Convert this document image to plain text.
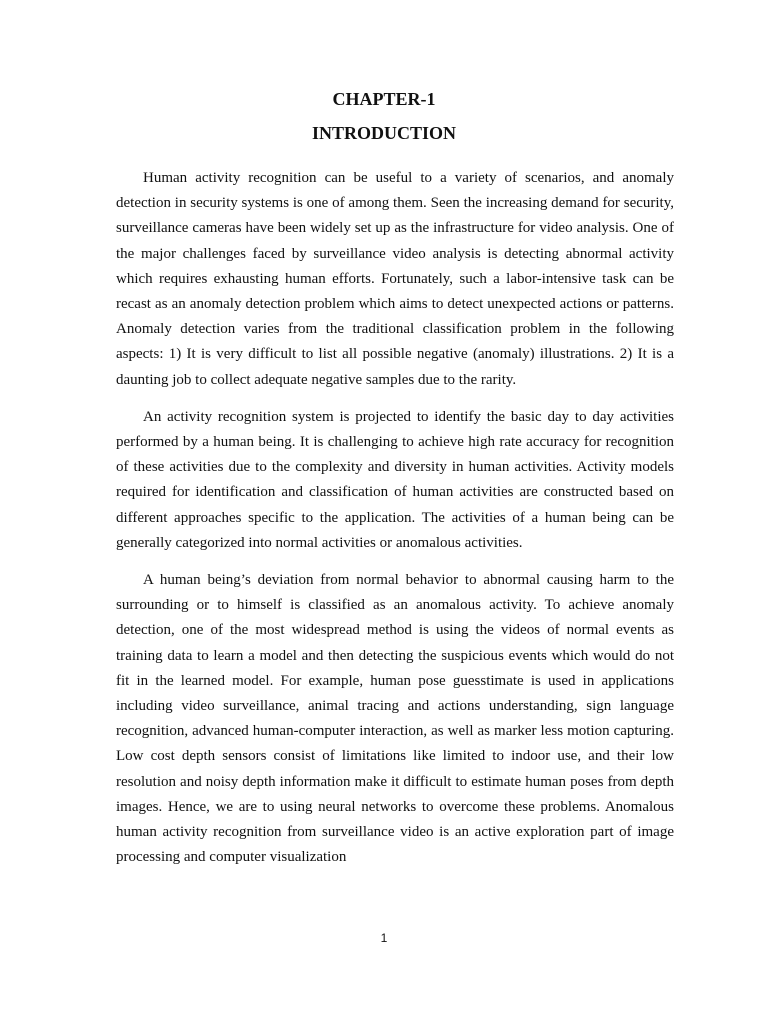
CHAPTER-1
INTRODUCTION

Human activity recognition can be useful to a variety of scenarios, and anomaly detection in security systems is one of among them. Seen the increasing demand for security, surveillance cameras have been widely set up as the infrastructure for video analysis. One of the major challenges faced by surveillance video analysis is detecting abnormal activity which requires exhausting human efforts. Fortunately, such a labor-intensive task can be recast as an anomaly detection problem which aims to detect unexpected actions or patterns. Anomaly detection varies from the traditional classification problem in the following aspects: 1) It is very difficult to list all possible negative (anomaly) illustrations. 2) It is a daunting job to collect adequate negative samples due to the rarity.

An activity recognition system is projected to identify the basic day to day activities performed by a human being. It is challenging to achieve high rate accuracy for recognition of these activities due to the complexity and diversity in human activities. Activity models required for identification and classification of human activities are constructed based on different approaches specific to the application. The activities of a human being can be generally categorized into normal activities or anomalous activities.

A human being’s deviation from normal behavior to abnormal causing harm to the surrounding or to himself is classified as an anomalous activity. To achieve anomaly detection, one of the most widespread method is using the videos of normal events as training data to learn a model and then detecting the suspicious events which would do not fit in the learned model. For example, human pose guesstimate is used in applications including video surveillance, animal tracing and actions understanding, sign language recognition, advanced human-computer interaction, as well as marker less motion capturing. Low cost depth sensors consist of limitations like limited to indoor use, and their low resolution and noisy depth information make it difficult to estimate human poses from depth images. Hence, we are to using neural networks to overcome these problems. Anomalous human activity recognition from surveillance video is an active exploration part of image processing and computer visualization

1
